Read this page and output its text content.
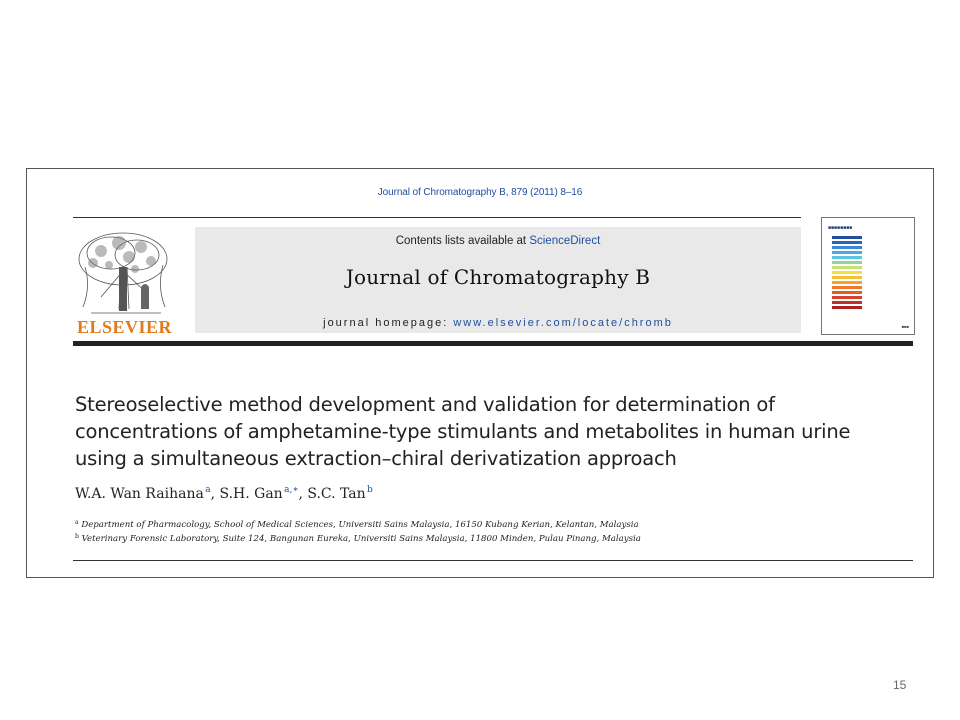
Journal of Chromatography B, 879 (2011) 8–16
ELSEVIER
Contents lists available at ScienceDirect
Journal of Chromatography B
journal homepage: www.elsevier.com/locate/chromb
■■■■■■■■
■■■
Stereoselective method development and validation for determination of
concentrations of amphetamine-type stimulants and metabolites in human urine
using a simultaneous extraction–chiral derivatization approach
W.A. Wan Raihana $^a$, S.H. Gan $^{a,∗}$, S.C. Tan $^b$
$^a$ Department of Pharmacology, School of Medical Sciences, Universiti Sains Malaysia, 16150 Kubang Kerian, Kelantan, Malaysia
$^b$ Veterinary Forensic Laboratory, Suite 124, Bangunan Eureka, Universiti Sains Malaysia, 11800 Minden, Pulau Pinang, Malaysia
15
